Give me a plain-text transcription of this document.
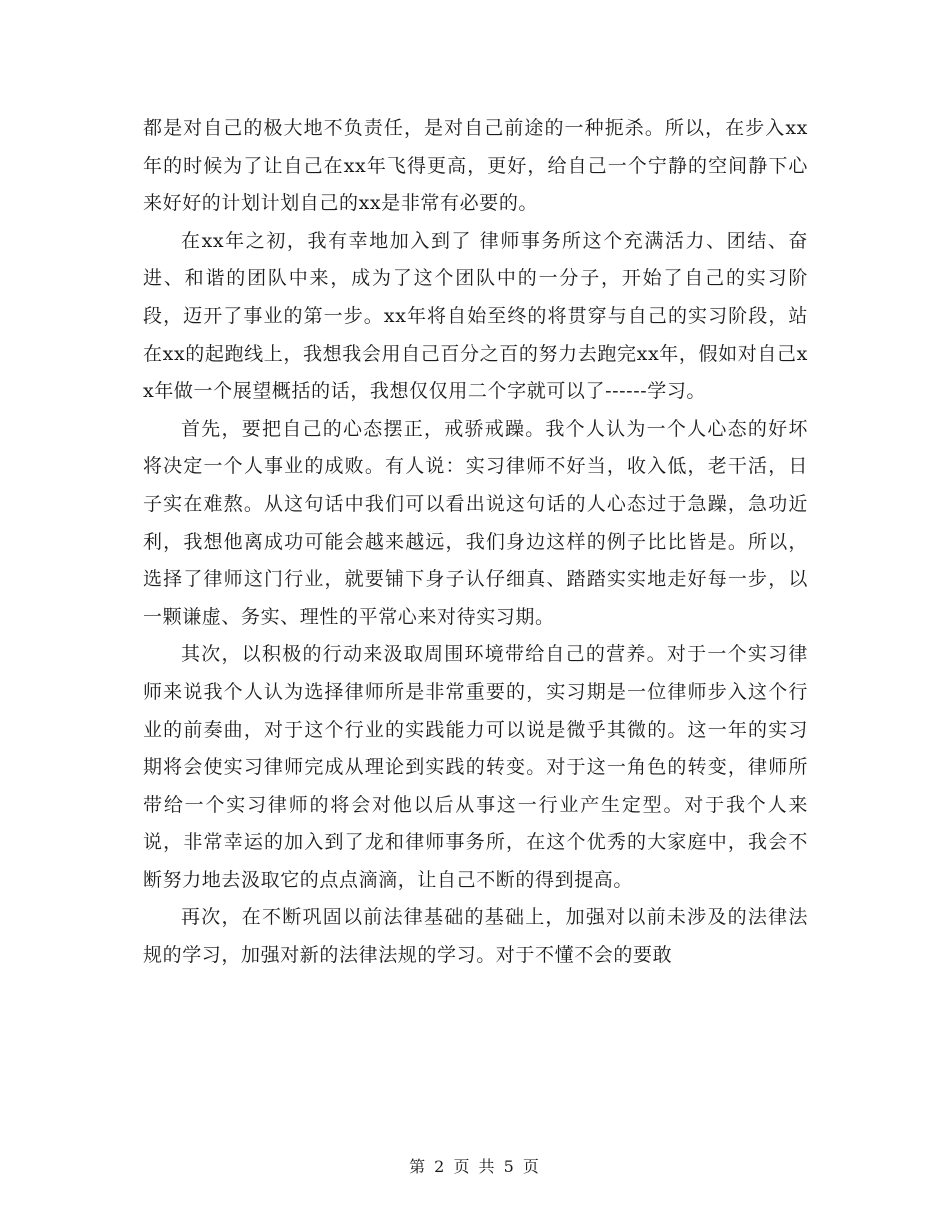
都是对自己的极大地不负责任，是对自己前途的一种扼杀。所以，在步入xx年的时候为了让自己在xx年飞得更高，更好，给自己一个宁静的空间静下心来好好的计划计划自己的xx是非常有必要的。

在xx年之初，我有幸地加入到了 律师事务所这个充满活力、团结、奋进、和谐的团队中来，成为了这个团队中的一分子，开始了自己的实习阶段，迈开了事业的第一步。xx年将自始至终的将贯穿与自己的实习阶段，站在xx的起跑线上，我想我会用自己百分之百的努力去跑完xx年，假如对自己xx年做一个展望概括的话，我想仅仅用二个字就可以了------学习。

首先，要把自己的心态摆正，戒骄戒躁。我个人认为一个人心态的好坏将决定一个人事业的成败。有人说：实习律师不好当，收入低，老干活，日子实在难熬。从这句话中我们可以看出说这句话的人心态过于急躁，急功近利，我想他离成功可能会越来越远，我们身边这样的例子比比皆是。所以，选择了律师这门行业，就要铺下身子认仔细真、踏踏实实地走好每一步，以一颗谦虚、务实、理性的平常心来对待实习期。

其次，以积极的行动来汲取周围环境带给自己的营养。对于一个实习律师来说我个人认为选择律师所是非常重要的，实习期是一位律师步入这个行业的前奏曲，对于这个行业的实践能力可以说是微乎其微的。这一年的实习期将会使实习律师完成从理论到实践的转变。对于这一角色的转变，律师所带给一个实习律师的将会对他以后从事这一行业产生定型。对于我个人来说，非常幸运的加入到了龙和律师事务所，在这个优秀的大家庭中，我会不断努力地去汲取它的点点滴滴，让自己不断的得到提高。

再次，在不断巩固以前法律基础的基础上，加强对以前未涉及的法律法规的学习，加强对新的法律法规的学习。对于不懂不会的要敢

第 2 页 共 5 页
